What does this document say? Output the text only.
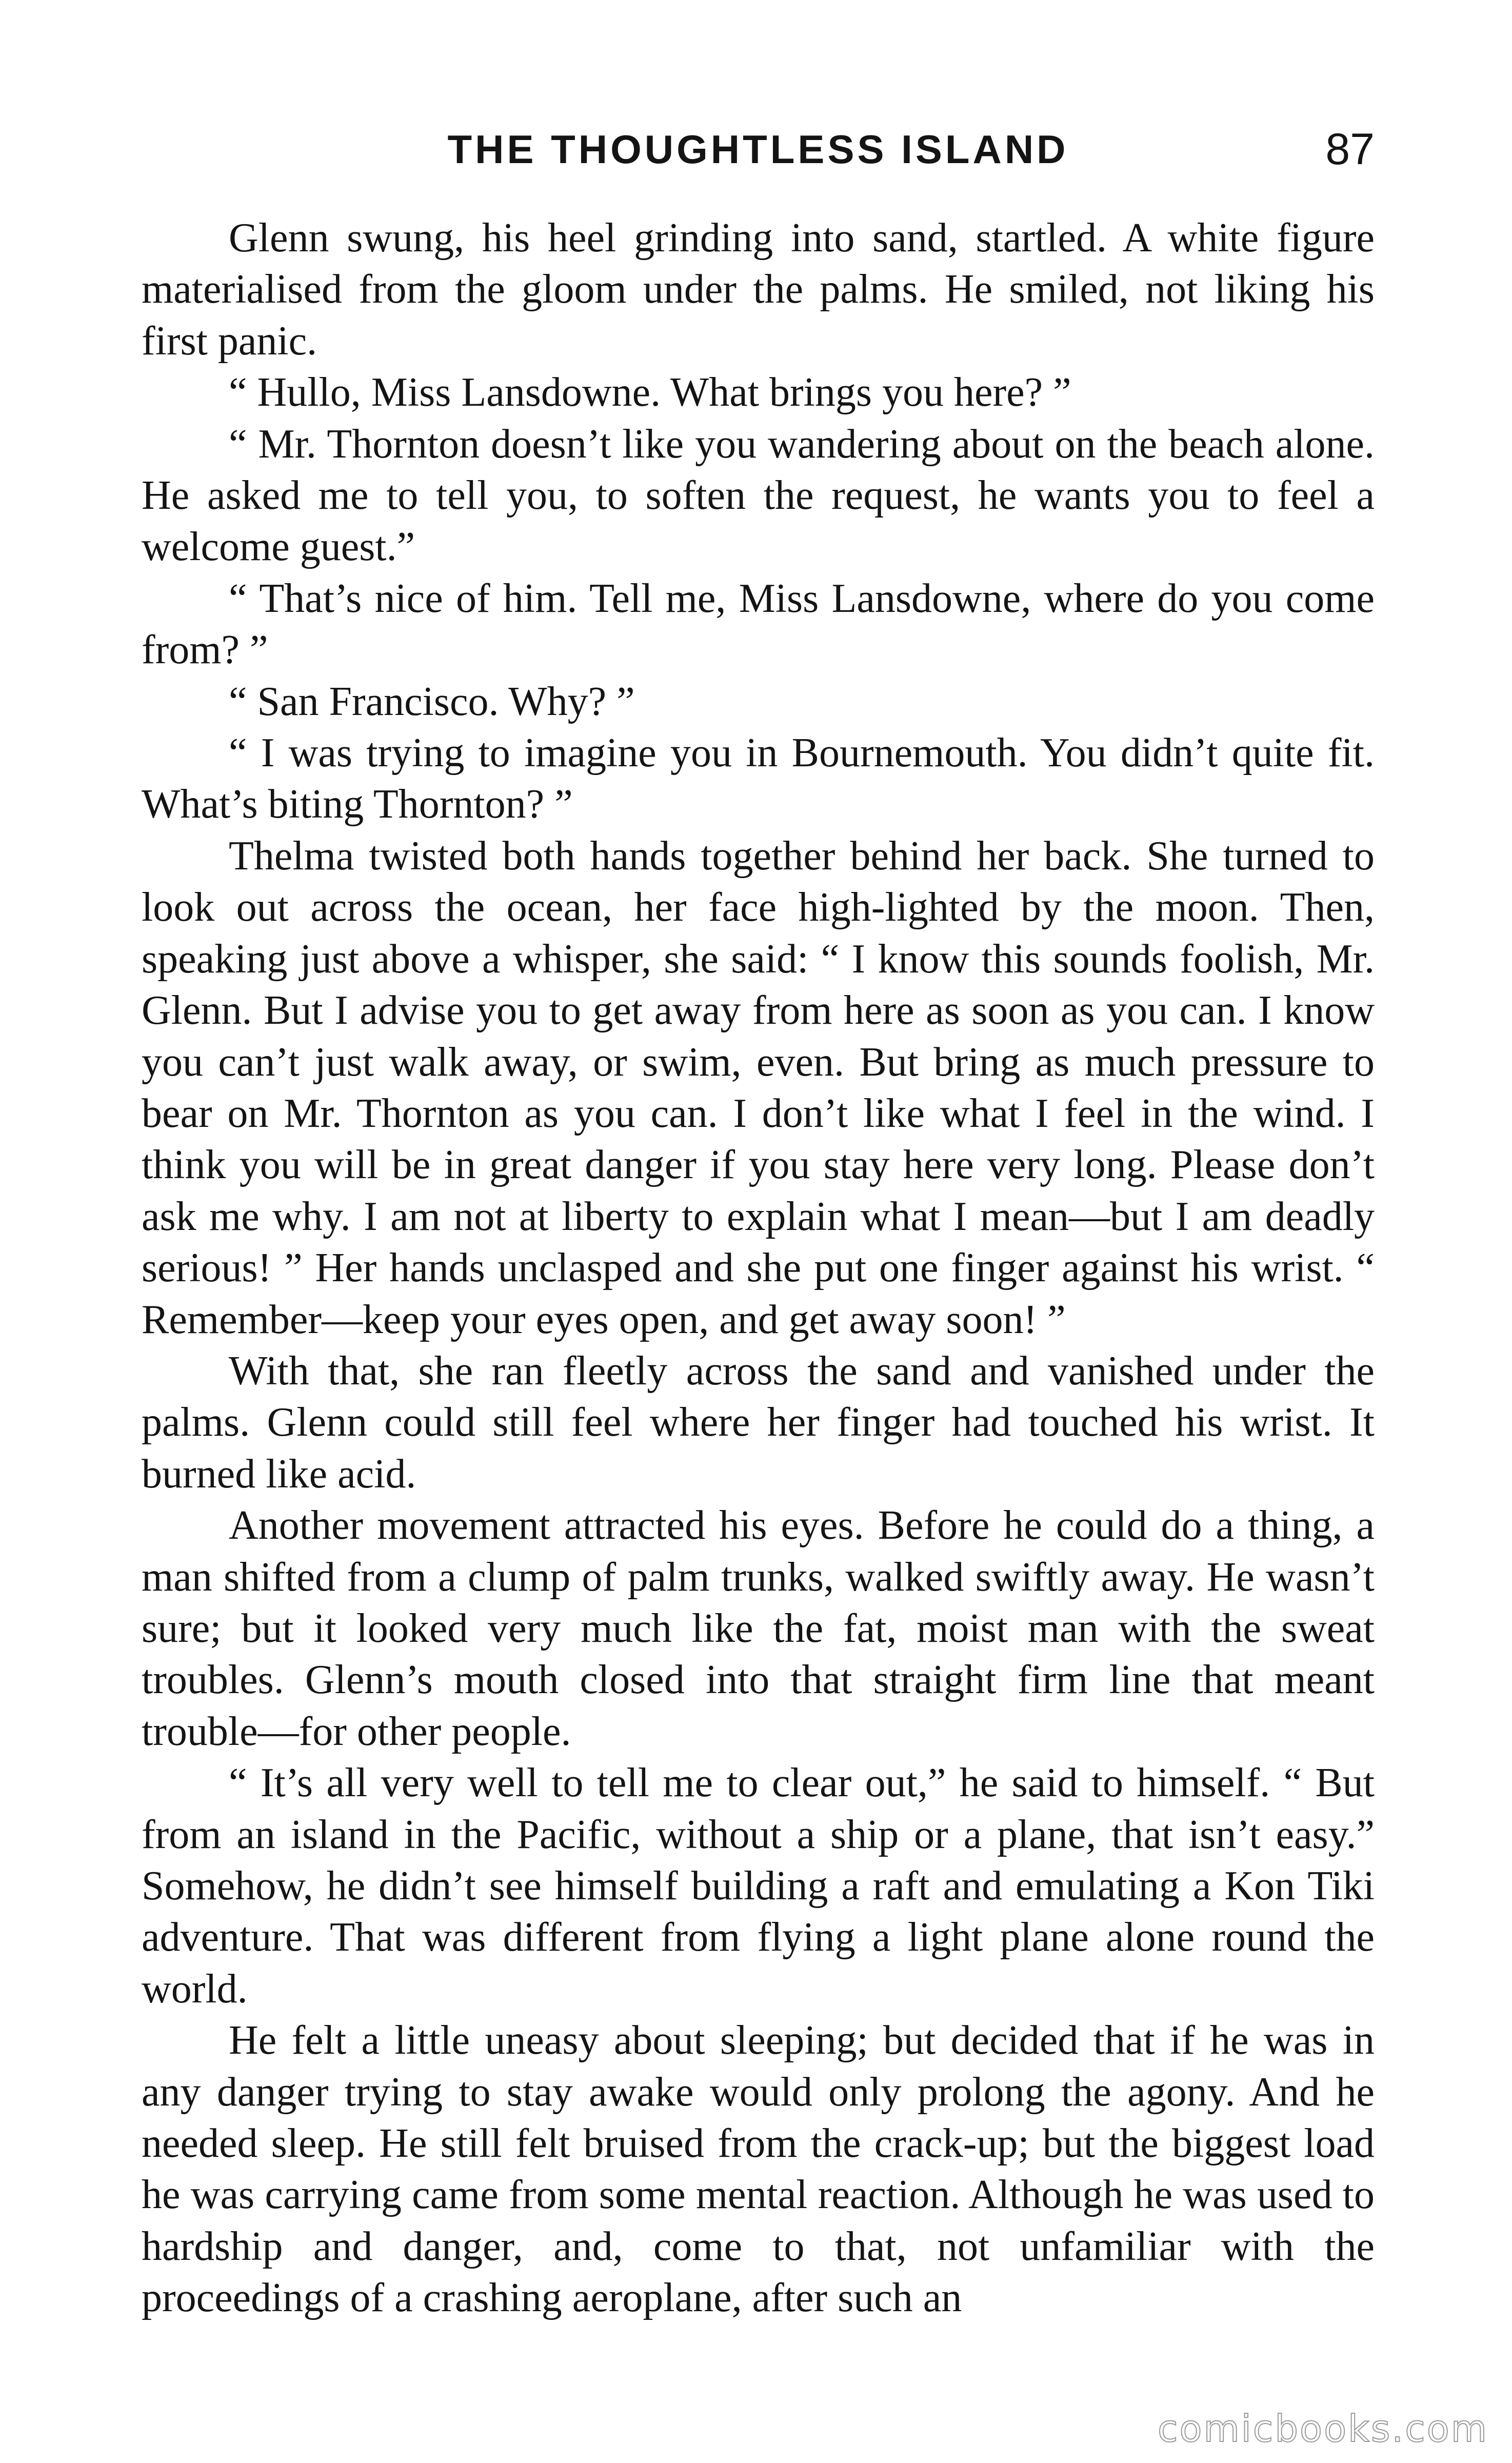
THE THOUGHTLESS ISLAND	87

Glenn swung, his heel grinding into sand, startled. A white figure materialised from the gloom under the palms. He smiled, not liking his first panic.

“ Hullo, Miss Lansdowne. What brings you here? ”

“ Mr. Thornton doesn’t like you wandering about on the beach alone. He asked me to tell you, to soften the request, he wants you to feel a welcome guest.”

“ That’s nice of him. Tell me, Miss Lansdowne, where do you come from? ”

“ San Francisco. Why? ”

“ I was trying to imagine you in Bournemouth. You didn’t quite fit. What’s biting Thornton? ”

Thelma twisted both hands together behind her back. She turned to look out across the ocean, her face high-lighted by the moon. Then, speaking just above a whisper, she said: “ I know this sounds foolish, Mr. Glenn. But I advise you to get away from here as soon as you can. I know you can’t just walk away, or swim, even. But bring as much pressure to bear on Mr. Thornton as you can. I don’t like what I feel in the wind. I think you will be in great danger if you stay here very long. Please don’t ask me why. I am not at liberty to explain what I mean—but I am deadly serious! ” Her hands unclasped and she put one finger against his wrist. “ Remember—keep your eyes open, and get away soon! ”

With that, she ran fleetly across the sand and vanished under the palms. Glenn could still feel where her finger had touched his wrist. It burned like acid.

Another movement attracted his eyes. Before he could do a thing, a man shifted from a clump of palm trunks, walked swiftly away. He wasn’t sure; but it looked very much like the fat, moist man with the sweat troubles. Glenn’s mouth closed into that straight firm line that meant trouble—for other people.

“ It’s all very well to tell me to clear out,” he said to himself. “ But from an island in the Pacific, without a ship or a plane, that isn’t easy.” Somehow, he didn’t see himself building a raft and emulating a Kon Tiki adventure. That was different from flying a light plane alone round the world.

He felt a little uneasy about sleeping; but decided that if he was in any danger trying to stay awake would only prolong the agony. And he needed sleep. He still felt bruised from the crack-up; but the biggest load he was carrying came from some mental reaction. Although he was used to hardship and danger, and, come to that, not unfamiliar with the proceedings of a crashing aeroplane, after such an

comicbooks.com
